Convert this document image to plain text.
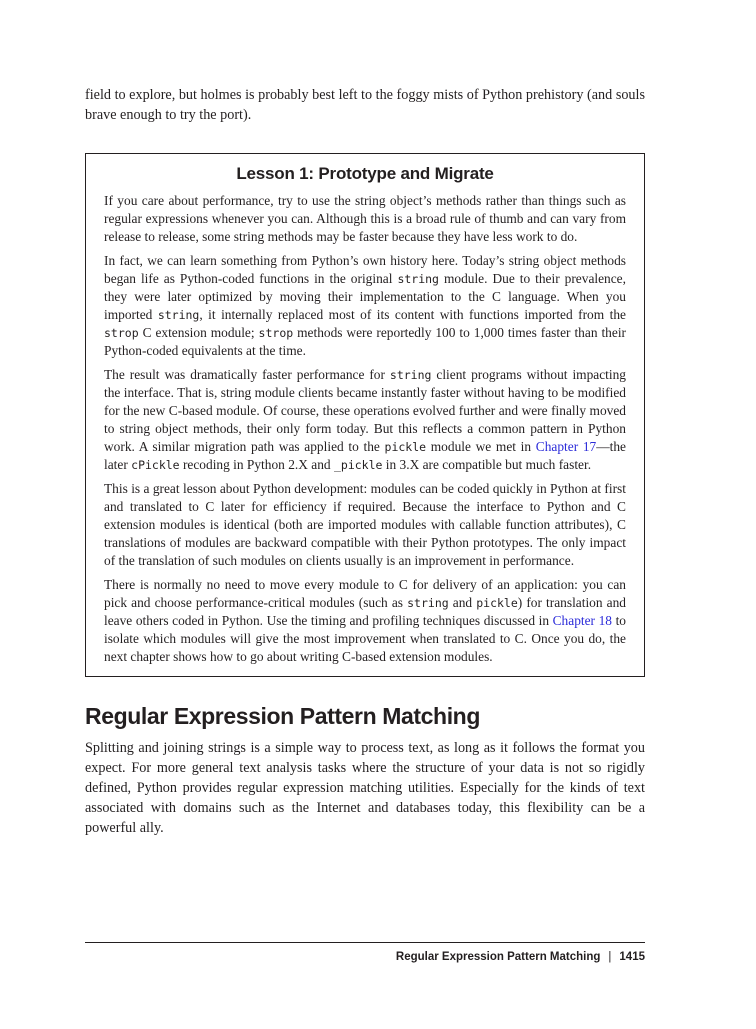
field to explore, but holmes is probably best left to the foggy mists of Python prehistory (and souls brave enough to try the port).

Lesson 1: Prototype and Migrate

If you care about performance, try to use the string object’s methods rather than things such as regular expressions whenever you can. Although this is a broad rule of thumb and can vary from release to release, some string methods may be faster because they have less work to do.

In fact, we can learn something from Python’s own history here. Today’s string object methods began life as Python-coded functions in the original string module. Due to their prevalence, they were later optimized by moving their implementation to the C language. When you imported string, it internally replaced most of its content with functions imported from the strop C extension module; strop methods were reportedly 100 to 1,000 times faster than their Python-coded equivalents at the time.

The result was dramatically faster performance for string client programs without impacting the interface. That is, string module clients became instantly faster without having to be modified for the new C-based module. Of course, these operations evolved further and were finally moved to string object methods, their only form today. But this reflects a common pattern in Python work. A similar migration path was applied to the pickle module we met in Chapter 17—the later cPickle recoding in Python 2.X and _pickle in 3.X are compatible but much faster.

This is a great lesson about Python development: modules can be coded quickly in Python at first and translated to C later for efficiency if required. Because the interface to Python and C extension modules is identical (both are imported modules with callable function attributes), C translations of modules are backward compatible with their Python prototypes. The only impact of the translation of such modules on clients usually is an improvement in performance.

There is normally no need to move every module to C for delivery of an application: you can pick and choose performance-critical modules (such as string and pickle) for translation and leave others coded in Python. Use the timing and profiling techniques discussed in Chapter 18 to isolate which modules will give the most improvement when translated to C. Once you do, the next chapter shows how to go about writing C-based extension modules.

Regular Expression Pattern Matching

Splitting and joining strings is a simple way to process text, as long as it follows the format you expect. For more general text analysis tasks where the structure of your data is not so rigidly defined, Python provides regular expression matching utilities. Especially for the kinds of text associated with domains such as the Internet and databases today, this flexibility can be a powerful ally.

Regular Expression Pattern Matching | 1415
